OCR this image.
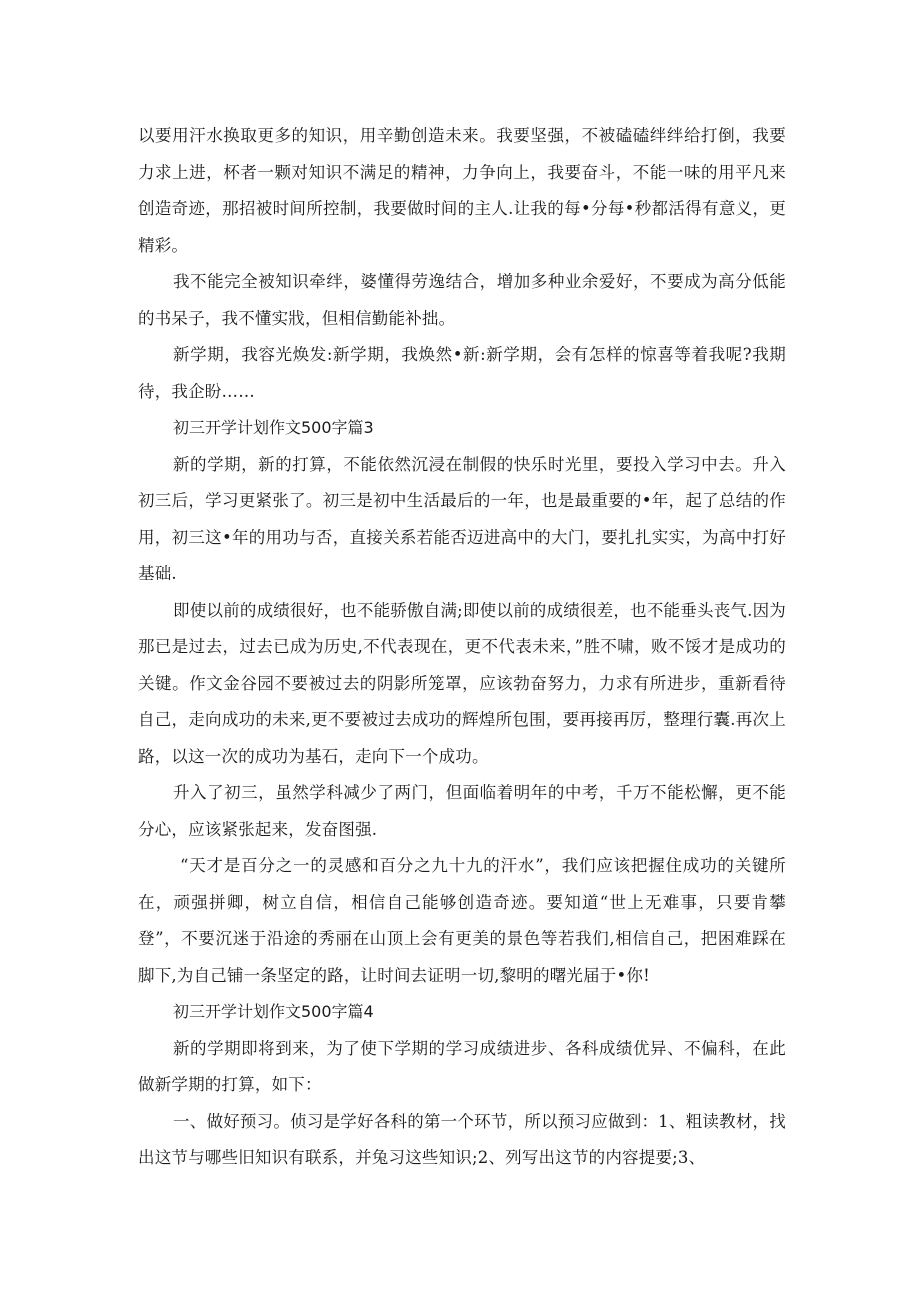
以要用汗水换取更多的知识，用辛勤创造未来。我要坚强，不被磕磕绊绊给打倒，我要力求上进，杯者一颗对知识不满足的精神，力争向上，我要奋斗，不能一味的用平凡来创造奇迹，那招被时间所控制，我要做时间的主人.让我的每•分每•秒都活得有意义，更精彩。

我不能完全被知识牵绊，婆懂得劳逸结合，增加多种业余爱好，不要成为高分低能的书呆子，我不懂实戕，但相信勤能补拙。

新学期，我容光焕发:新学期，我焕然•新:新学期，会有怎样的惊喜等着我呢?我期待，我企盼……

初三开学计划作文500字篇3

新的学期，新的打算，不能依然沉浸在制假的快乐时光里，要投入学习中去。升入初三后，学习更紧张了。初三是初中生活最后的一年，也是最重要的•年，起了总结的作用，初三这•年的用功与否，直接关系若能否迈进高中的大门，要扎扎实实，为高中打好基础.

即使以前的成绩很好，也不能骄傲自满;即使以前的成绩很差，也不能垂头丧气.因为那已是过去，过去已成为历史,不代表现在，更不代表未来，”胜不啸，败不馁才是成功的关键。作文金谷园不要被过去的阴影所笼罩，应该勃奋努力，力求有所进步，重新看待自己，走向成功的未来,更不要被过去成功的辉煌所包围，要再接再厉，整理行囊.再次上路，以这一次的成功为基石，走向下一个成功。

升入了初三，虽然学科减少了两门，但面临着明年的中考，千万不能松懈，更不能分心，应该紧张起来，发奋图强.

“天才是百分之一的灵感和百分之九十九的汗水”，我们应该把握住成功的关键所在，顽强拼卿，树立自信，相信自己能够创造奇迹。要知道“世上无难事，只要肯攀登”，不要沉迷于沿途的秀丽在山顶上会有更美的景色等若我们,相信自己，把困难踩在脚下,为自己铺一条坚定的路，让时间去证明一切,黎明的曙光届于•你!

初三开学计划作文500字篇4

新的学期即将到来，为了使下学期的学习成绩进步、各科成绩优异、不偏科，在此做新学期的打算，如下：

一、做好预习。侦习是学好各科的第一个环节，所以预习应做到：1、粗读教材，找出这节与哪些旧知识有联系，并兔习这些知识;2、列写出这节的内容提要;3、
